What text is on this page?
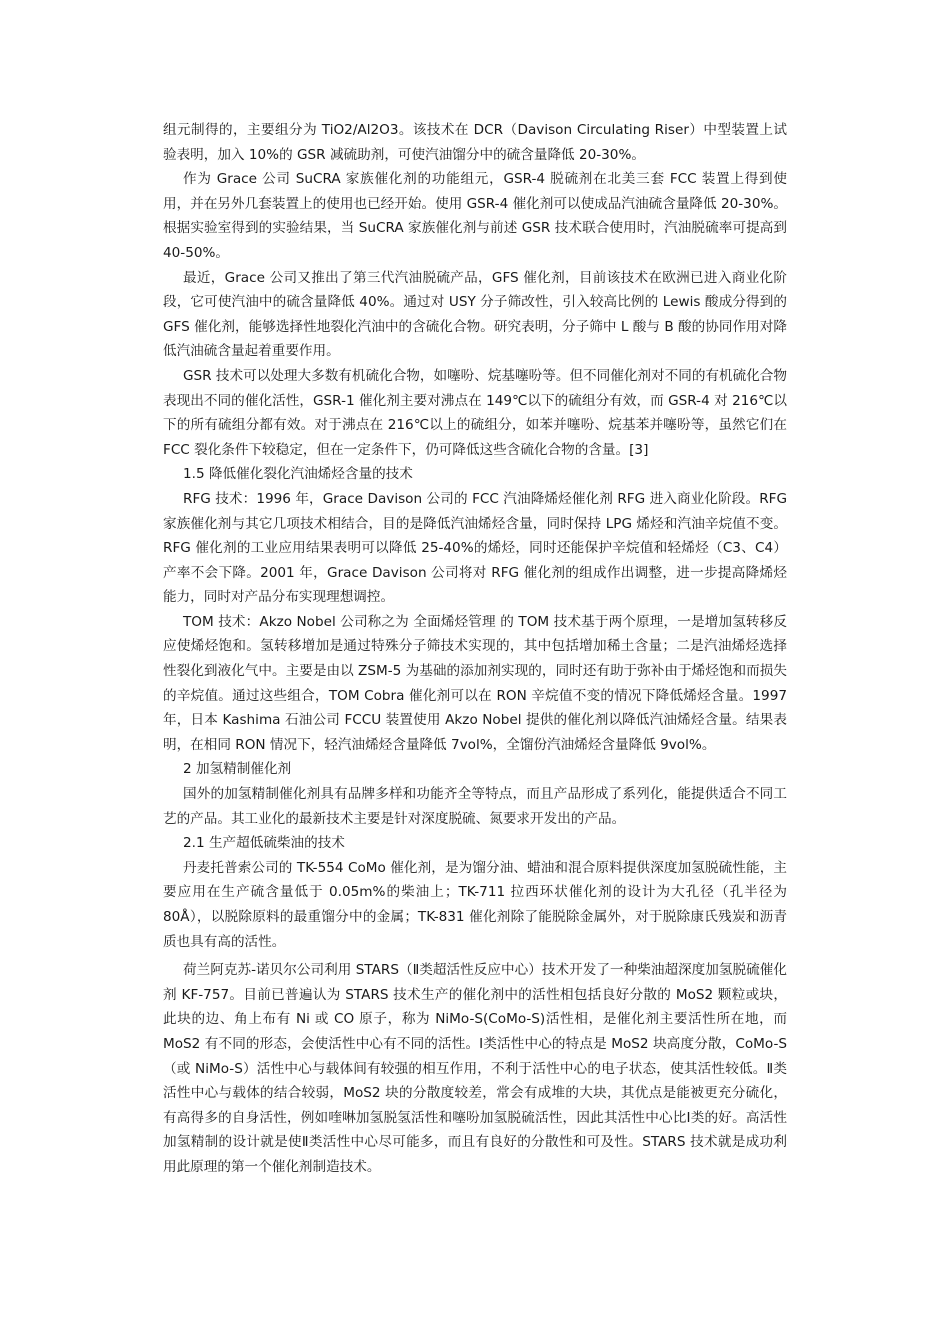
组元制得的，主要组分为 TiO2/Al2O3。该技术在 DCR（Davison Circulating Riser）中型装置上试验表明，加入 10%的 GSR 减硫助剂，可使汽油馏分中的硫含量降低 20-30%。

作为 Grace 公司 SuCRA 家族催化剂的功能组元，GSR-4 脱硫剂在北美三套 FCC 装置上得到使用，并在另外几套装置上的使用也已经开始。使用 GSR-4 催化剂可以使成品汽油硫含量降低 20-30%。根据实验室得到的实验结果，当 SuCRA 家族催化剂与前述 GSR 技术联合使用时，汽油脱硫率可提高到 40-50%。

最近，Grace 公司又推出了第三代汽油脱硫产品，GFS 催化剂，目前该技术在欧洲已进入商业化阶段，它可使汽油中的硫含量降低 40%。通过对 USY 分子筛改性，引入较高比例的 Lewis 酸成分得到的 GFS 催化剂，能够选择性地裂化汽油中的含硫化合物。研究表明，分子筛中 L 酸与 B 酸的协同作用对降低汽油硫含量起着重要作用。

GSR 技术可以处理大多数有机硫化合物，如噻吩、烷基噻吩等。但不同催化剂对不同的有机硫化合物表现出不同的催化活性，GSR-1 催化剂主要对沸点在 149℃以下的硫组分有效，而 GSR-4 对 216℃以下的所有硫组分都有效。对于沸点在 216℃以上的硫组分，如苯并噻吩、烷基苯并噻吩等，虽然它们在 FCC 裂化条件下较稳定，但在一定条件下，仍可降低这些含硫化合物的含量。[3]

1.5 降低催化裂化汽油烯烃含量的技术

RFG 技术：1996 年，Grace Davison 公司的 FCC 汽油降烯烃催化剂 RFG 进入商业化阶段。RFG 家族催化剂与其它几项技术相结合，目的是降低汽油烯烃含量，同时保持 LPG 烯烃和汽油辛烷值不变。RFG 催化剂的工业应用结果表明可以降低 25-40%的烯烃，同时还能保护辛烷值和轻烯烃（C3、C4）产率不会下降。2001 年，Grace Davison 公司将对 RFG 催化剂的组成作出调整，进一步提高降烯烃能力，同时对产品分布实现理想调控。

TOM 技术：Akzo Nobel 公司称之为 全面烯烃管理 的 TOM 技术基于两个原理，一是增加氢转移反应使烯烃饱和。氢转移增加是通过特殊分子筛技术实现的，其中包括增加稀土含量；二是汽油烯烃选择性裂化到液化气中。主要是由以 ZSM-5 为基础的添加剂实现的，同时还有助于弥补由于烯烃饱和而损失的辛烷值。通过这些组合，TOM Cobra 催化剂可以在 RON 辛烷值不变的情况下降低烯烃含量。1997 年，日本 Kashima 石油公司 FCCU 装置使用 Akzo Nobel 提供的催化剂以降低汽油烯烃含量。结果表明，在相同 RON 情况下，轻汽油烯烃含量降低 7vol%，全馏份汽油烯烃含量降低 9vol%。

2 加氢精制催化剂

国外的加氢精制催化剂具有品牌多样和功能齐全等特点，而且产品形成了系列化，能提供适合不同工艺的产品。其工业化的最新技术主要是针对深度脱硫、氮要求开发出的产品。

2.1 生产超低硫柴油的技术

丹麦托普索公司的 TK-554 CoMo 催化剂，是为馏分油、蜡油和混合原料提供深度加氢脱硫性能，主要应用在生产硫含量低于 0.05m%的柴油上；TK-711 拉西环状催化剂的设计为大孔径（孔半径为 80Å），以脱除原料的最重馏分中的金属；TK-831 催化剂除了能脱除金属外，对于脱除康氏残炭和沥青质也具有高的活性。

荷兰阿克苏-诺贝尔公司利用 STARS（Ⅱ类超活性反应中心）技术开发了一种柴油超深度加氢脱硫催化剂 KF-757。目前已普遍认为 STARS 技术生产的催化剂中的活性相包括良好分散的 MoS2 颗粒或块，此块的边、角上布有 Ni 或 CO 原子，称为 NiMo-S(CoMo-S)活性相，是催化剂主要活性所在地，而 MoS2 有不同的形态，会使活性中心有不同的活性。Ⅰ类活性中心的特点是 MoS2 块高度分散，CoMo-S（或 NiMo-S）活性中心与载体间有较强的相互作用，不利于活性中心的电子状态，使其活性较低。Ⅱ类活性中心与载体的结合较弱，MoS2 块的分散度较差，常会有成堆的大块，其优点是能被更充分硫化，有高得多的自身活性，例如喹啉加氢脱氢活性和噻吩加氢脱硫活性，因此其活性中心比Ⅰ类的好。高活性加氢精制的设计就是使Ⅱ类活性中心尽可能多，而且有良好的分散性和可及性。STARS 技术就是成功利用此原理的第一个催化剂制造技术。
